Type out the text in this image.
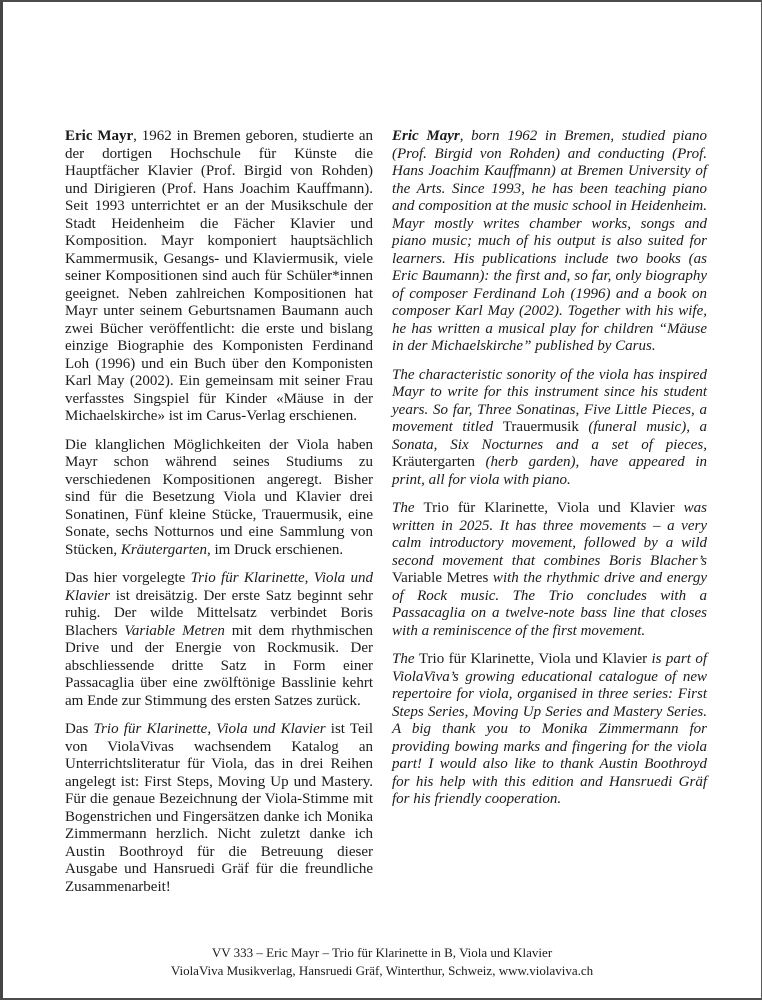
Eric Mayr, 1962 in Bremen geboren, studierte an der dortigen Hochschule für Künste die Hauptfächer Klavier (Prof. Birgid von Rohden) und Dirigieren (Prof. Hans Joachim Kauffmann). Seit 1993 unterrichtet er an der Musikschule der Stadt Heidenheim die Fächer Klavier und Komposition. Mayr komponiert hauptsächlich Kammermusik, Gesangs- und Klaviermusik, viele seiner Kompositionen sind auch für Schüler*innen geeignet. Neben zahlreichen Kompositionen hat Mayr unter seinem Geburtsnamen Baumann auch zwei Bücher veröffentlicht: die erste und bislang einzige Biographie des Komponisten Ferdinand Loh (1996) und ein Buch über den Komponisten Karl May (2002). Ein gemeinsam mit seiner Frau verfasstes Singspiel für Kinder «Mäuse in der Michaelskirche» ist im Carus-Verlag erschienen.

Die klanglichen Möglichkeiten der Viola haben Mayr schon während seines Studiums zu verschiedenen Kompositionen angeregt. Bisher sind für die Besetzung Viola und Klavier drei Sonatinen, Fünf kleine Stücke, Trauermusik, eine Sonate, sechs Notturnos und eine Sammlung von Stücken, Kräutergarten, im Druck erschienen.

Das hier vorgelegte Trio für Klarinette, Viola und Klavier ist dreisätzig. Der erste Satz beginnt sehr ruhig. Der wilde Mittelsatz verbindet Boris Blachers Variable Metren mit dem rhythmischen Drive und der Energie von Rockmusik. Der abschliessende dritte Satz in Form einer Passacaglia über eine zwölftönige Basslinie kehrt am Ende zur Stimmung des ersten Satzes zurück.

Das Trio für Klarinette, Viola und Klavier ist Teil von ViolaVivas wachsendem Katalog an Unterrichtsliteratur für Viola, das in drei Reihen angelegt ist: First Steps, Moving Up und Mastery. Für die genaue Bezeichnung der Viola-Stimme mit Bogenstrichen und Fingersätzen danke ich Monika Zimmermann herzlich. Nicht zuletzt danke ich Austin Boothroyd für die Betreuung dieser Ausgabe und Hansruedi Gräf für die freundliche Zusammenarbeit!

Eric Mayr, born 1962 in Bremen, studied piano (Prof. Birgid von Rohden) and conducting (Prof. Hans Joachim Kauffmann) at Bremen University of the Arts. Since 1993, he has been teaching piano and composition at the music school in Heidenheim. Mayr mostly writes chamber works, songs and piano music; much of his output is also suited for learners. His publications include two books (as Eric Baumann): the first and, so far, only biography of composer Ferdinand Loh (1996) and a book on composer Karl May (2002). Together with his wife, he has written a musical play for children “Mäuse in der Michaelskirche” published by Carus.

The characteristic sonority of the viola has inspired Mayr to write for this instrument since his student years. So far, Three Sonatinas, Five Little Pieces, a movement titled Trauermusik (funeral music), a Sonata, Six Nocturnes and a set of pieces, Kräutergarten (herb garden), have appeared in print, all for viola with piano.

The Trio für Klarinette, Viola und Klavier was written in 2025. It has three movements – a very calm introductory movement, followed by a wild second movement that combines Boris Blacher’s Variable Metres with the rhythmic drive and energy of Rock music. The Trio concludes with a Passacaglia on a twelve-note bass line that closes with a reminiscence of the first movement.

The Trio für Klarinette, Viola und Klavier is part of ViolaViva’s growing educational catalogue of new repertoire for viola, organised in three series: First Steps Series, Moving Up Series and Mastery Series. A big thank you to Monika Zimmermann for providing bowing marks and fingering for the viola part! I would also like to thank Austin Boothroyd for his help with this edition and Hansruedi Gräf for his friendly cooperation.

VV 333 – Eric Mayr – Trio für Klarinette in B, Viola und Klavier
ViolaViva Musikverlag, Hansruedi Gräf, Winterthur, Schweiz, www.violaviva.ch
